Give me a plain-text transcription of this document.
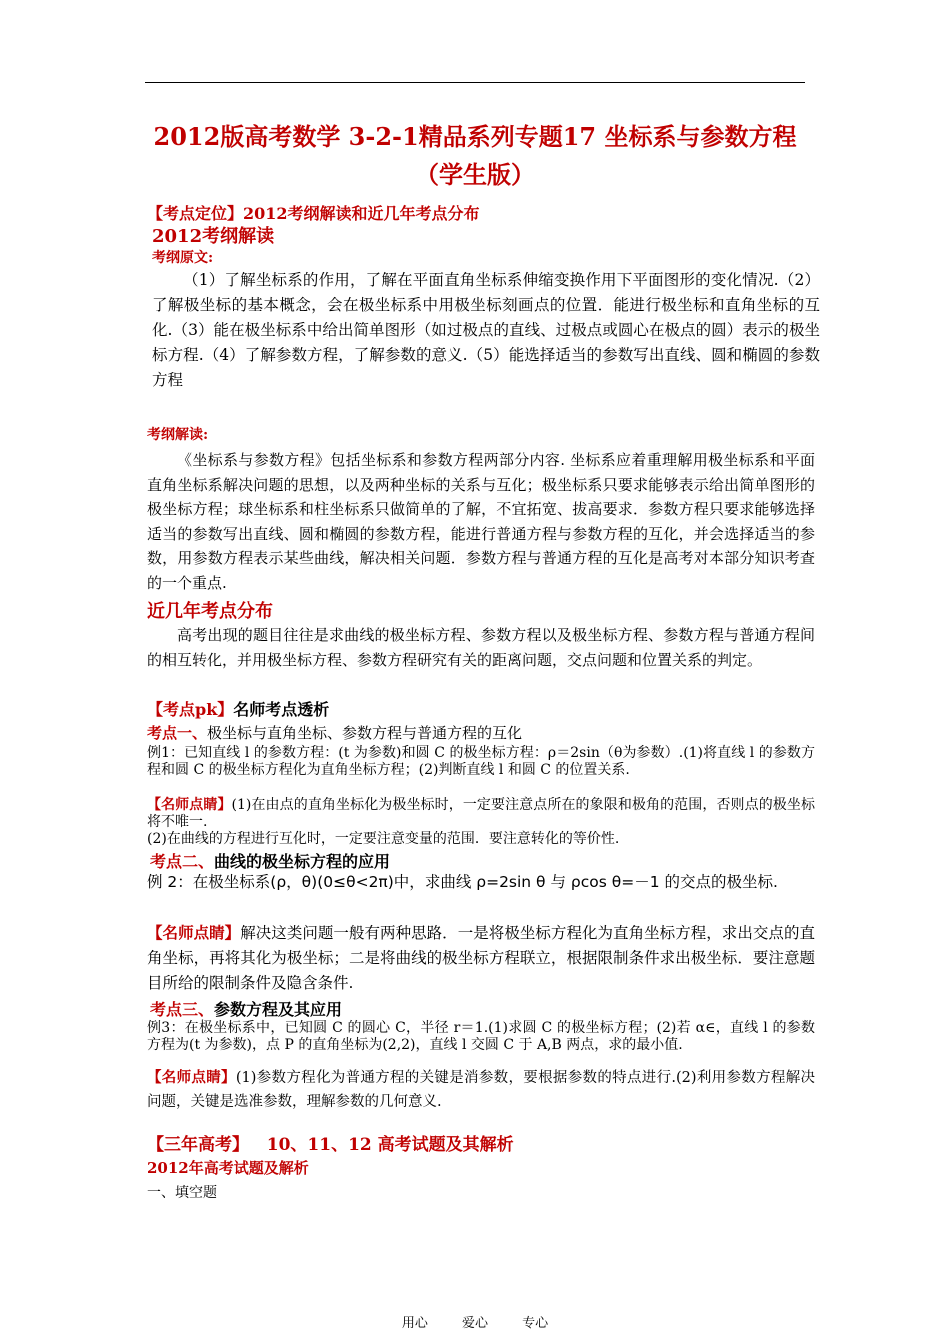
2012版高考数学 3-2-1精品系列专题17 坐标系与参数方程（学生版）
【考点定位】2012考纲解读和近几年考点分布
2012考纲解读
考纲原文:
（1）了解坐标系的作用，了解在平面直角坐标系伸缩变换作用下平面图形的变化情况.（2）了解极坐标的基本概念，会在极坐标系中用极坐标刻画点的位置．能进行极坐标和直角坐标的互化.（3）能在极坐标系中给出简单图形（如过极点的直线、过极点或圆心在极点的圆）表示的极坐标方程.（4）了解参数方程，了解参数的意义.（5）能选择适当的参数写出直线、圆和椭圆的参数方程
考纲解读:
《坐标系与参数方程》包括坐标系和参数方程两部分内容. 坐标系应着重理解用极坐标系和平面直角坐标系解决问题的思想，以及两种坐标的关系与互化；极坐标系只要求能够表示给出简单图形的极坐标方程；球坐标系和柱坐标系只做简单的了解，不宜拓宽、拔高要求．参数方程只要求能够选择适当的参数写出直线、圆和椭圆的参数方程，能进行普通方程与参数方程的互化，并会选择适当的参数，用参数方程表示某些曲线，解决相关问题．参数方程与普通方程的互化是高考对本部分知识考查的一个重点.
近几年考点分布
高考出现的题目往往是求曲线的极坐标方程、参数方程以及极坐标方程、参数方程与普通方程间的相互转化，并用极坐标方程、参数方程研究有关的距离问题，交点问题和位置关系的判定。
【考点pk】名师考点透析
考点一、极坐标与直角坐标、参数方程与普通方程的互化
例1：已知直线 l 的参数方程：(t 为参数)和圆 C 的极坐标方程：ρ＝2sin（θ为参数）.(1)将直线 l 的参数方程和圆 C 的极坐标方程化为直角坐标方程；(2)判断直线 l 和圆 C 的位置关系.
【名师点睛】(1)在由点的直角坐标化为极坐标时，一定要注意点所在的象限和极角的范围，否则点的极坐标将不唯一.
(2)在曲线的方程进行互化时，一定要注意变量的范围．要注意转化的等价性.
考点二、曲线的极坐标方程的应用
例 2：在极坐标系(ρ，θ)(0≤θ<2π)中，求曲线 ρ=2sin θ 与 ρcos θ=－1 的交点的极坐标.
【名师点睛】解决这类问题一般有两种思路．一是将极坐标方程化为直角坐标方程，求出交点的直角坐标，再将其化为极坐标；二是将曲线的极坐标方程联立，根据限制条件求出极坐标．要注意题目所给的限制条件及隐含条件.
考点三、参数方程及其应用
例3：在极坐标系中，已知圆 C 的圆心 C，半径 r＝1.(1)求圆 C 的极坐标方程；(2)若 α∈，直线 l 的参数方程为(t 为参数)，点 P 的直角坐标为(2,2)，直线 l 交圆 C 于 A,B 两点，求的最小值.
【名师点睛】(1)参数方程化为普通方程的关键是消参数，要根据参数的特点进行.(2)利用参数方程解决问题，关键是选准参数，理解参数的几何意义.
【三年高考】 10、11、12 高考试题及其解析
2012年高考试题及解析
一、填空题
用心 爱心 专心
